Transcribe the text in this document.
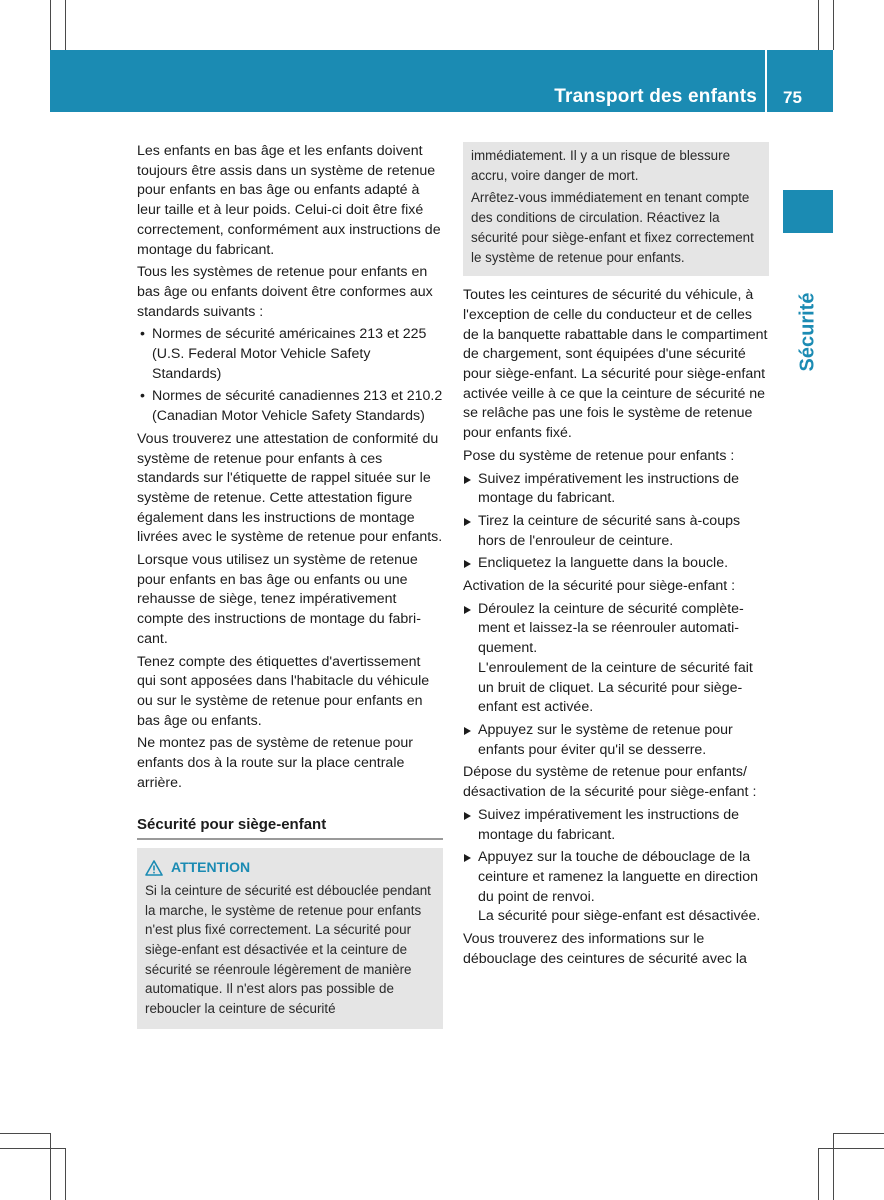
Transport des enfants 75
Sécurité

Les enfants en bas âge et les enfants doivent toujours être assis dans un système de retenue pour enfants en bas âge ou enfants adapté à leur taille et à leur poids. Celui-ci doit être fixé correctement, conformément aux instructions de montage du fabricant.

Tous les systèmes de retenue pour enfants en bas âge ou enfants doivent être conformes aux standards suivants :

• Normes de sécurité américaines 213 et 225 (U.S. Federal Motor Vehicle Safety Standards)
• Normes de sécurité canadiennes 213 et 210.2 (Canadian Motor Vehicle Safety Standards)

Vous trouverez une attestation de conformité du système de retenue pour enfants à ces standards sur l'étiquette de rappel située sur le système de retenue. Cette attestation figure également dans les instructions de montage livrées avec le système de retenue pour enfants.

Lorsque vous utilisez un système de retenue pour enfants en bas âge ou enfants ou une rehausse de siège, tenez impérativement compte des instructions de montage du fabricant.

Tenez compte des étiquettes d'avertissement qui sont apposées dans l'habitacle du véhicule ou sur le système de retenue pour enfants en bas âge ou enfants.

Ne montez pas de système de retenue pour enfants dos à la route sur la place centrale arrière.

Sécurité pour siège-enfant
ATTENTION
Si la ceinture de sécurité est débouclée pendant la marche, le système de retenue pour enfants n'est plus fixé correctement. La sécurité pour siège-enfant est désactivée et la ceinture de sécurité se réenroule légèrement de manière automatique. Il n'est alors pas possible de reboucler la ceinture de sécurité

immédiatement. Il y a un risque de blessure accru, voire danger de mort.

Arrêtez-vous immédiatement en tenant compte des conditions de circulation. Réactivez la sécurité pour siège-enfant et fixez correctement le système de retenue pour enfants.

Toutes les ceintures de sécurité du véhicule, à l'exception de celle du conducteur et de celles de la banquette rabattable dans le compartiment de chargement, sont équipées d'une sécurité pour siège-enfant. La sécurité pour siège-enfant activée veille à ce que la ceinture de sécurité ne se relâche pas une fois le système de retenue pour enfants fixé.

Pose du système de retenue pour enfants :

Suivez impérativement les instructions de montage du fabricant.
Tirez la ceinture de sécurité sans à-coups hors de l'enrouleur de ceinture.
Encliquetez la languette dans la boucle.

Activation de la sécurité pour siège-enfant :

Déroulez la ceinture de sécurité complètement et laissez-la se réenrouler automatiquement.
L'enroulement de la ceinture de sécurité fait un bruit de cliquet. La sécurité pour siège-enfant est activée.
Appuyez sur le système de retenue pour enfants pour éviter qu'il se desserre.

Dépose du système de retenue pour enfants/ désactivation de la sécurité pour siège-enfant :

Suivez impérativement les instructions de montage du fabricant.
Appuyez sur la touche de débouclage de la ceinture et ramenez la languette en direction du point de renvoi.
La sécurité pour siège-enfant est désactivée.

Vous trouverez des informations sur le débouclage des ceintures de sécurité avec la
